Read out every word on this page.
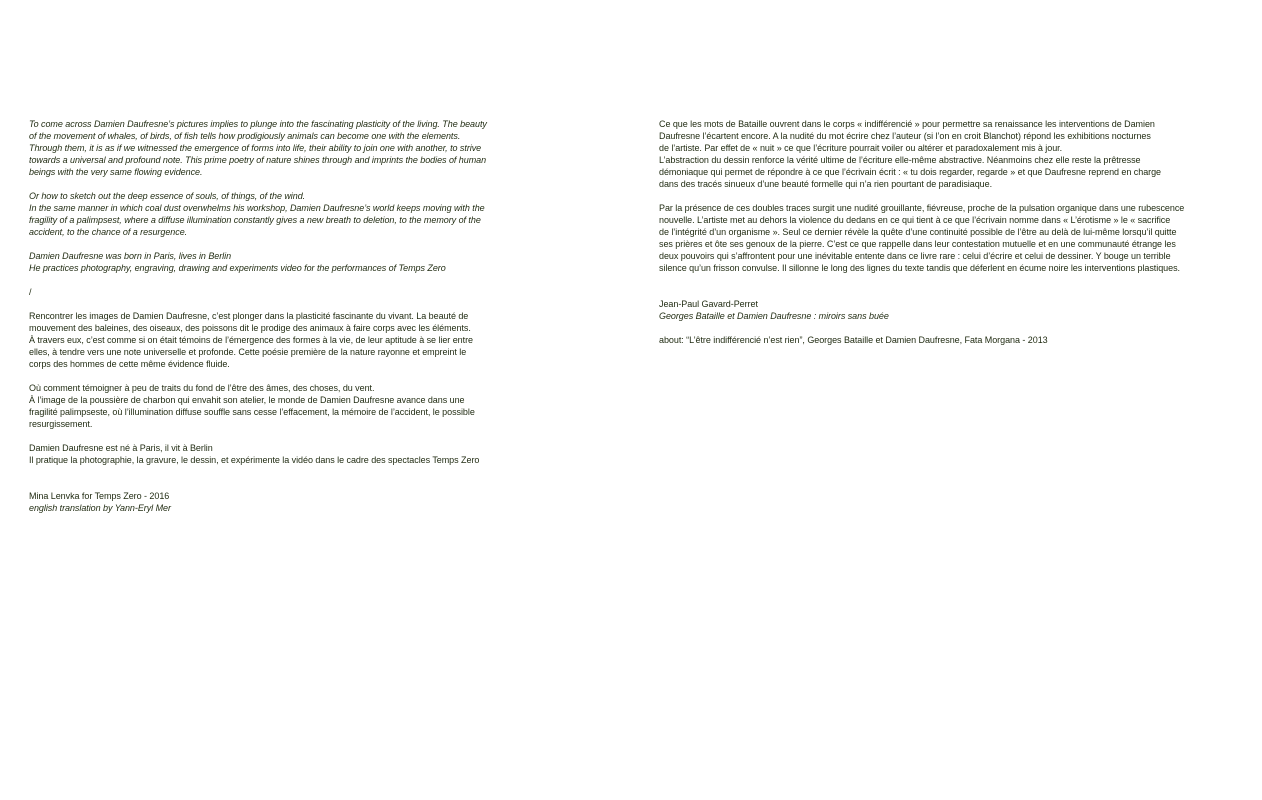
To come across Damien Daufresne’s pictures implies to plunge into the fascinating plasticity of the living. The beauty
of the movement of whales, of birds, of fish tells how prodigiously animals can become one with the elements.
Through them, it is as if we witnessed the emergence of forms into life, their ability to join one with another, to strive
towards a universal and profound note. This prime poetry of nature shines through and imprints the bodies of human
beings with the very same flowing evidence.
Or how to sketch out the deep essence of souls, of things, of the wind.
In the same manner in which coal dust overwhelms his workshop, Damien Daufresne’s world keeps moving with the
fragility of a palimpsest, where a diffuse illumination constantly gives a new breath to deletion, to the memory of the
accident, to the chance of a resurgence.
Damien Daufresne was born in Paris, lives in Berlin
He practices photography, engraving, drawing and experiments video for the performances of Temps Zero
/
Rencontrer les images de Damien Daufresne, c’est plonger dans la plasticité fascinante du vivant. La beauté de
mouvement des baleines, des oiseaux, des poissons dit le prodige des animaux à faire corps avec les éléments.
À travers eux, c’est comme si on était témoins de l’émergence des formes à la vie, de leur aptitude à se lier entre
elles, à tendre vers une note universelle et profonde. Cette poésie première de la nature rayonne et empreint le
corps des hommes de cette même évidence fluide.
Où comment témoigner à peu de traits du fond de l’être des âmes, des choses, du vent.
À l’image de la poussière de charbon qui envahit son atelier, le monde de Damien Daufresne avance dans une
fragilité palimpseste, où l’illumination diffuse souffle sans cesse l’effacement, la mémoire de l’accident, le possible
resurgissement.
Damien Daufresne est né à Paris, il vit à Berlin
Il pratique la photographie, la gravure, le dessin, et expérimente la vidéo dans le cadre des spectacles Temps Zero
Mina Lenvka for Temps Zero - 2016
english translation by Yann-Eryl Mer
Ce que les mots de Bataille ouvrent dans le corps « indifférencié » pour permettre sa renaissance les interventions de Damien
Daufresne l’écartent encore. A la nudité du mot écrire chez l’auteur (si l’on en croit Blanchot) répond les exhibitions nocturnes
de l’artiste. Par effet de « nuit » ce que l’écriture pourrait voiler ou altérer et paradoxalement mis à jour.
L’abstraction du dessin renforce la vérité ultime de l’écriture elle-même abstractive. Néanmoins chez elle reste la prêtresse
démoniaque qui permet de répondre à ce que l’écrivain écrit : « tu dois regarder, regarde » et que Daufresne reprend en charge
dans des tracés sinueux d’une beauté formelle qui n’a rien pourtant de paradisiaque.
Par la présence de ces doubles traces surgit une nudité grouillante, fiévreuse, proche de la pulsation organique dans une rubescence
nouvelle. L’artiste met au dehors la violence du dedans en ce qui tient à ce que l’écrivain nomme dans « L’érotisme » le « sacrifice
de l’intégrité d’un organisme ». Seul ce dernier révèle la quête d’une continuité possible de l’être au delà de lui-même lorsqu’il quitte
ses prières et ôte ses genoux de la pierre. C’est ce que rappelle dans leur contestation mutuelle et en une communauté étrange les
deux pouvoirs qui s’affrontent pour une inévitable entente dans ce livre rare : celui d’écrire et celui de dessiner. Y bouge un terrible
silence qu’un frisson convulse. Il sillonne le long des lignes du texte tandis que déferlent en écume noire les interventions plastiques.
Jean-Paul Gavard-Perret
Georges Bataille et Damien Daufresne : miroirs sans buée
about: “L’être indifférencié n’est rien”, Georges Bataille et Damien Daufresne, Fata Morgana - 2013
